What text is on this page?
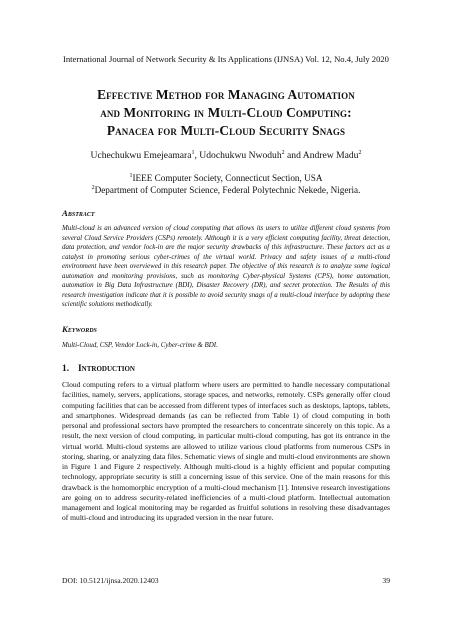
International Journal of Network Security & Its Applications (IJNSA) Vol. 12, No.4, July 2020
Effective Method for Managing Automation
and Monitoring in Multi-Cloud Computing:
Panacea for Multi-Cloud Security Snags
Uchechukwu Emejeamara$^1$, Udochukwu Nwoduh$^2$ and Andrew Madu$^2$
$^1$IEEE Computer Society, Connecticut Section, USA
$^2$Department of Computer Science, Federal Polytechnic Nekede, Nigeria.
Abstract
Multi-cloud is an advanced version of cloud computing that allows its users to utilize different cloud systems from several Cloud Service Providers (CSPs) remotely. Although it is a very efficient computing facility, threat detection, data protection, and vendor lock-in are the major security drawbacks of this infrastructure. These factors act as a catalyst in promoting serious cyber-crimes of the virtual world. Privacy and safety issues of a multi-cloud environment have been overviewed in this research paper. The objective of this research is to analyze some logical automation and monitoring provisions, such as monitoring Cyber-physical Systems (CPS), home automation, automation in Big Data Infrastructure (BDI), Disaster Recovery (DR), and secret protection. The Results of this research investigation indicate that it is possible to avoid security snags of a multi-cloud interface by adopting these scientific solutions methodically.
Keywords
Multi-Cloud, CSP, Vendor Lock-in, Cyber-crime & BDI.
1. Introduction
Cloud computing refers to a virtual platform where users are permitted to handle necessary computational facilities, namely, servers, applications, storage spaces, and networks, remotely. CSPs generally offer cloud computing facilities that can be accessed from different types of interfaces such as desktops, laptops, tablets, and smartphones. Widespread demands (as can be reflected from Table 1) of cloud computing in both personal and professional sectors have prompted the researchers to concentrate sincerely on this topic. As a result, the next version of cloud computing, in particular multi-cloud computing, has got its entrance in the virtual world. Multi-cloud systems are allowed to utilize various cloud platforms from numerous CSPs in storing, sharing, or analyzing data files. Schematic views of single and multi-cloud environments are shown in Figure 1 and Figure 2 respectively. Although multi-cloud is a highly efficient and popular computing technology, appropriate security is still a concerning issue of this service. One of the main reasons for this drawback is the homomorphic encryption of a multi-cloud mechanism [1]. Intensive research investigations are going on to address security-related inefficiencies of a multi-cloud platform. Intellectual automation management and logical monitoring may be regarded as fruitful solutions in resolving these disadvantages of multi-cloud and introducing its upgraded version in the near future.
DOI: 10.5121/ijnsa.2020.12403	39
